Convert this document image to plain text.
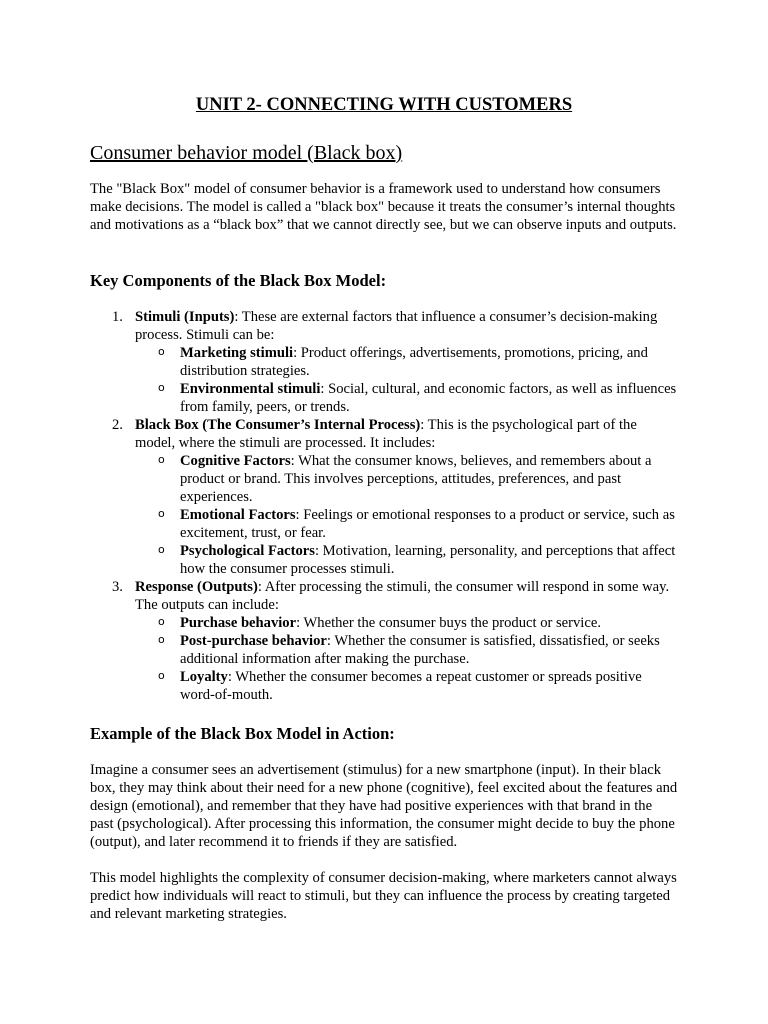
UNIT 2- CONNECTING WITH CUSTOMERS
Consumer behavior model (Black box)

The "Black Box" model of consumer behavior is a framework used to understand how consumers make decisions. The model is called a "black box" because it treats the consumer’s internal thoughts and motivations as a “black box” that we cannot directly see, but we can observe inputs and outputs.

Key Components of the Black Box Model:
1. Stimuli (Inputs): These are external factors that influence a consumer’s decision-making process. Stimuli can be:
o Marketing stimuli: Product offerings, advertisements, promotions, pricing, and distribution strategies.
o Environmental stimuli: Social, cultural, and economic factors, as well as influences from family, peers, or trends.
2. Black Box (The Consumer’s Internal Process): This is the psychological part of the model, where the stimuli are processed. It includes:
o Cognitive Factors: What the consumer knows, believes, and remembers about a product or brand. This involves perceptions, attitudes, preferences, and past experiences.
o Emotional Factors: Feelings or emotional responses to a product or service, such as excitement, trust, or fear.
o Psychological Factors: Motivation, learning, personality, and perceptions that affect how the consumer processes stimuli.
3. Response (Outputs): After processing the stimuli, the consumer will respond in some way. The outputs can include:
o Purchase behavior: Whether the consumer buys the product or service.
o Post-purchase behavior: Whether the consumer is satisfied, dissatisfied, or seeks additional information after making the purchase.
o Loyalty: Whether the consumer becomes a repeat customer or spreads positive word-of-mouth.
Example of the Black Box Model in Action:

Imagine a consumer sees an advertisement (stimulus) for a new smartphone (input). In their black box, they may think about their need for a new phone (cognitive), feel excited about the features and design (emotional), and remember that they have had positive experiences with that brand in the past (psychological). After processing this information, the consumer might decide to buy the phone (output), and later recommend it to friends if they are satisfied.

This model highlights the complexity of consumer decision-making, where marketers cannot always predict how individuals will react to stimuli, but they can influence the process by creating targeted and relevant marketing strategies.
